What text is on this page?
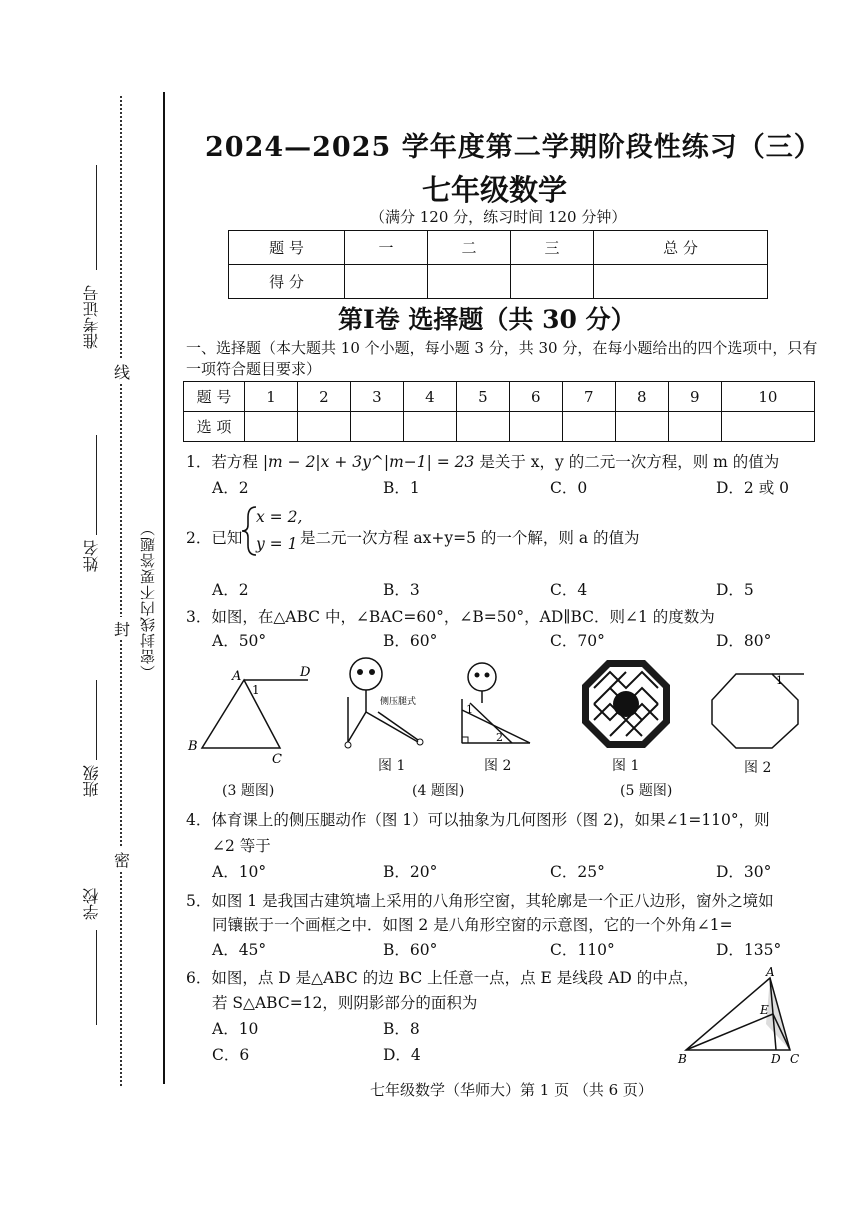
准考证号
姓名
班级
学校
线
封
密
（密封线内不要答题）
2024—2025 学年度第二学期阶段性练习（三）
七年级数学
（满分 120 分，练习时间 120 分钟）
题 号	一	二	三	总 分
得 分				
第Ⅰ卷 选择题（共 30 分）
一、选择题（本大题共 10 个小题，每小题 3 分，共 30 分，在每小题给出的四个选项中，只有一项符合题目要求）
题 号	1	2	3	4	5	6	7	8	9	10
选 项										
1．若方程 |m − 2|x + 3y^|m−1| = 23 是关于 x，y 的二元一次方程，则 m 的值为
A．2	B．1	C．0	D．2 或 0
2．已知
x = 2,
y = 1 是二元一次方程 ax+y=5 的一个解，则 a 的值为
A．2	B．3	C．4	D．5
3．如图，在△ABC 中，∠BAC=60°，∠B=50°，AD∥BC．则∠1 的度数为
A．50°	B．60°	C．70°	D．80°
A	D
B
C
1
(3 题图)
侧压腿式
图 1
1
2
图 2
(4 题图)
图 1
1
图 2
(5 题图)
4．体育课上的侧压腿动作（图 1）可以抽象为几何图形（图 2)，如果∠1=110°，则
∠2 等于
A．10°	B．20°	C．25°	D．30°
5．如图 1 是我国古建筑墙上采用的八角形空窗，其轮廓是一个正八边形，窗外之境如
同镶嵌于一个画框之中．如图 2 是八角形空窗的示意图，它的一个外角∠1=
A．45°	B．60°	C．110°	D．135°
6．如图，点 D 是△ABC 的边 BC 上任意一点，点 E 是线段 AD 的中点，
若 S△ABC=12，则阴影部分的面积为
A．10	B．8
C．6	D．4
A
E
B	D C
七年级数学（华师大）第 1 页 （共 6 页）
